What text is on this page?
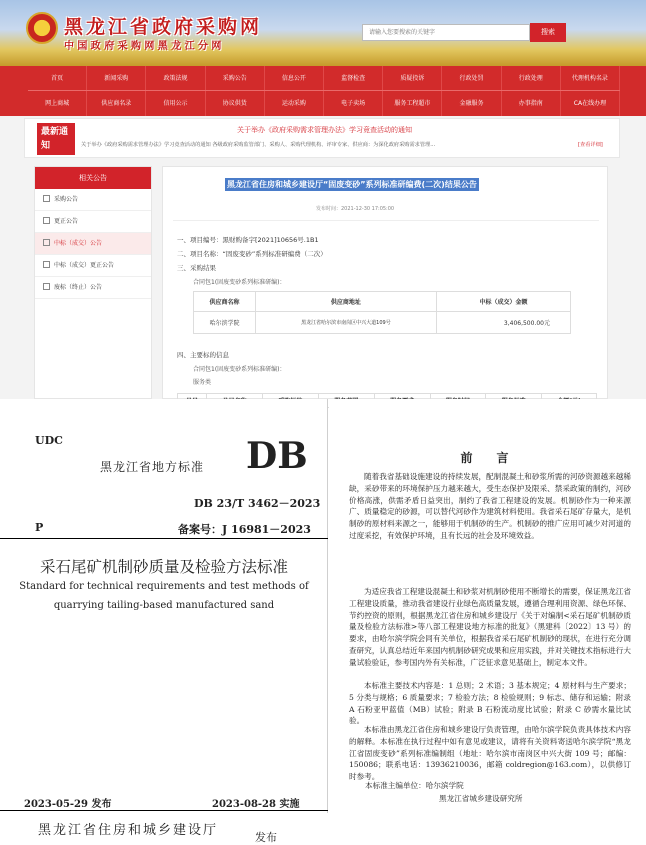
黑龙江省政府采购网
中国政府采购网黑龙江分网
请输入您要搜索的关键字
搜索
首页	新闻采购	政策法规	采购公告	信息公开	监督检查	质疑投诉	行政处罚	行政处理	代理机构名录
网上商城	供应商名录	信用公示	协议供货	运动采购	电子卖场	服务工程超市	金融服务	办事指南	CA在线办理
最新通知
关于举办《政府采购需求管理办法》学习竟查活动的通知
关于举办《政府采购需求管理办法》学习竟查活动的通知 各级政府采购监管部门、采购人、采购代理机构、评审专家、供应商：为深化政府采购需求管理...	[查看详细]
相关公告
采购公告
更正公告
中标（成交）公告
中标（成交）更正公告
废标（终止）公告
黑龙江省住房和城乡建设厅“固废变砂”系列标准研编费(二次)结果公告
发布时间：2021-12-30 17:05:00
一、项目编号：黑财购备字[2021]10656号.1B1
二、项目名称：“固废变砂”系列标准研编费（二次）
三、采购结果
合同包1(固废变砂系列标准研编)：
供应商名称	供应商地址	中标（成交）金额
哈尔滨学院	黑龙江省哈尔滨市南岗区中兴大道109号	3,406,500.00元
四、主要标的信息
合同包1(固废变砂系列标准研编)：
服务类

UDC
黑龙江省地方标准 DB
DB 23/T 3462－2023
P	备案号：J 16981－2023
采石尾矿机制砂质量及检验方法标准
Standard for technical requirements and test methods of
quarrying tailing-based manufactured sand
2023-05-29 发布	2023-08-28 实施
黑龙江省住房和城乡建设厅	发布
前　言
随着我省基础设施建设的持续发展，配制混凝土和砂浆所需的河砂资源越来越稀缺，采砂带来的环境保护压力越来越大，受生态保护及限采、禁采政策的制约，河砂价格高涨，供需矛盾日益突出，制约了我省工程建设的发展。机制砂作为一种来源广、质量稳定的砂源，可以替代河砂作为建筑材料使用。我省采石尾矿存量大，是机制砂的原材料来源之一，能够用于机制砂的生产。机制砂的推广应用可减少对河道的过度采挖，有效保护环境，且有长远的社会及环境效益。
为适应我省工程建设混凝土和砂浆对机制砂使用不断增长的需要，保证黑龙江省工程建设质量，推动我省建设行业绿色高质量发展，遵循合理利用资源、绿色环保、节约控资的原则，根据黑龙江省住房和城乡建设厅《关于对编制<采石尾矿机制砂质量及检验方法标准>等八部工程建设地方标准的批复》（黑建科〔2022〕13 号）的要求，由哈尔滨学院会同有关单位，根据我省采石尾矿机制砂的现状，在进行充分调查研究，认真总结近年来国内机制砂研究成果和应用实践，并对关键技术指标进行大量试验验证，参考国内外有关标准，广泛征求意见基础上，制定本文件。
本标准主要技术内容是：1 总则；2 术语；3 基本规定；4 原材料与生产要求；5 分类与规格；6 质量要求；7 检验方法；8 检验规则；9 标志、储存和运输；附录 A 石粉亚甲蓝值（MB）试验；附录 B 石粉流动度比试验；附录 C 砂需水量比试验。
本标准由黑龙江省住房和城乡建设厅负责管理，由哈尔滨学院负责具体技术内容的解释。本标准在执行过程中如有意见或建议，请将有关资料寄送哈尔滨学院“黑龙江省固废变砂”系列标准编制组（地址：哈尔滨市南岗区中兴大街 109 号；邮编：150086；联系电话：13936210036，邮箱 coldregion@163.com），以供修订时参考。
本标准主编单位：哈尔滨学院
黑龙江省城乡建设研究所
